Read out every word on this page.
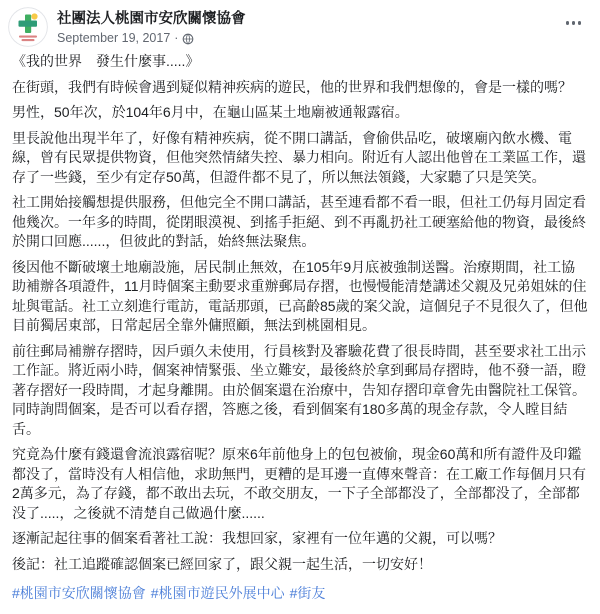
社團法人桃園市安欣關懷協會
September 19, 2017 ·

《我的世界　發生什麼事.....》

在街頭，我們有時候會遇到疑似精神疾病的遊民，他的世界和我們想像的，會是一樣的嗎？

男性，50年次，於104年6月中，在龜山區某土地廟被通報露宿。

里長說他出現半年了，好像有精神疾病，從不開口講話，會偷供品吃，破壞廟內飲水機、電線，曾有民眾提供物資，但他突然情緒失控、暴力相向。附近有人認出他曾在工業區工作，還存了一些錢，至少有定存50萬，但證件都不見了，所以無法領錢，大家聽了只是笑笑。

社工開始接觸想提供服務，但他完全不開口講話，甚至連看都不看一眼，但社工仍每月固定看他幾次。一年多的時間，從閉眼漠視、到搖手拒絕、到不再亂扔社工硬塞給他的物資，最後終於開口回應......，但彼此的對話，始終無法聚焦。

後因他不斷破壞土地廟設施，居民制止無效，在105年9月底被強制送醫。治療期間，社工協助補辦各項證件，11月時個案主動要求重辦郵局存摺，也慢慢能清楚講述父親及兄弟姐妹的住址與電話。社工立刻進行電訪，電話那頭，已高齡85歲的案父說，這個兒子不見很久了，但他目前獨居東部，日常起居全靠外傭照顧，無法到桃園相見。

前往郵局補辦存摺時，因戶頭久未使用，行員核對及審驗花費了很長時間，甚至要求社工出示工作証。將近兩小時，個案神情緊張、坐立難安，最後終於拿到郵局存摺時，他不發一語，瞪著存摺好一段時間，才起身離開。由於個案還在治療中，告知存摺印章會先由醫院社工保管。同時詢問個案，是否可以看存摺，答應之後，看到個案有180多萬的現金存款，令人瞠目結舌。

究竟為什麼有錢還會流浪露宿呢？原來6年前他身上的包包被偷，現金60萬和所有證件及印鑑都没了，當時没有人相信他，求助無門，更糟的是耳邊一直傳來聲音：在工廠工作每個月只有2萬多元，為了存錢，都不敢出去玩，不敢交朋友，一下子全部都没了，全部都没了，全部都没了.....，之後就不清楚自己做過什麼......

逐漸記起往事的個案看著社工說：我想回家，家裡有一位年邁的父親，可以嗎？

後記：社工追蹤確認個案已經回家了，跟父親一起生活，一切安好！

#桃園市安欣關懷協會 #桃園市遊民外展中心 #街友
